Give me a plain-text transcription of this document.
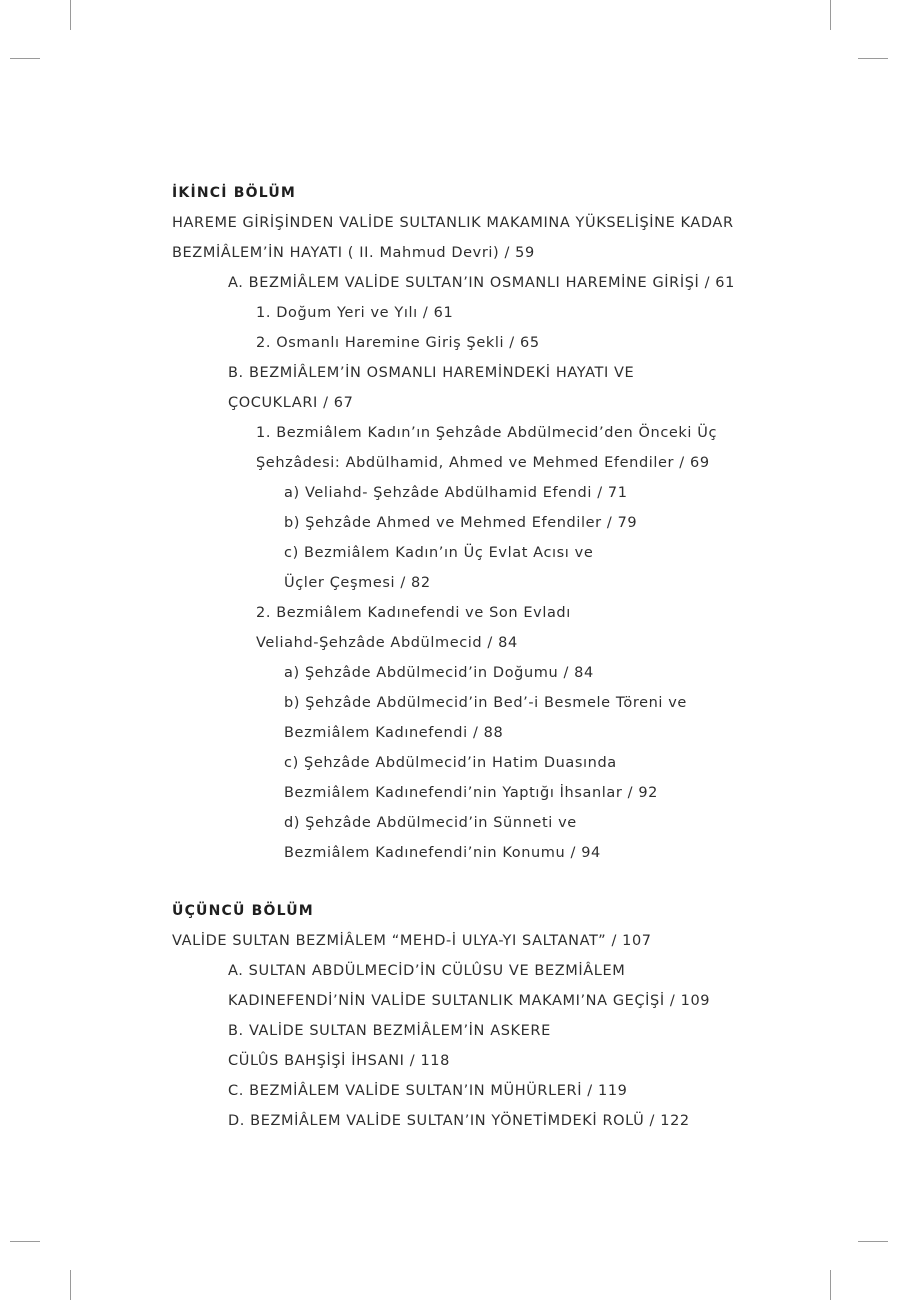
İKİNCİ BÖLÜM
HAREME GİRİŞİNDEN VALİDE SULTANLIK MAKAMINA YÜKSELİŞİNE KADAR
BEZMİÂLEM’İN HAYATI ( II. Mahmud Devri) / 59
A. BEZMİÂLEM VALİDE SULTAN’IN OSMANLI HAREMİNE GİRİŞİ / 61
1. Doğum Yeri ve Yılı / 61
2. Osmanlı Haremine Giriş Şekli / 65
B. BEZMİÂLEM’İN OSMANLI HAREMİNDEKİ HAYATI VE
ÇOCUKLARI / 67
1. Bezmiâlem Kadın’ın Şehzâde Abdülmecid’den Önceki Üç
Şehzâdesi: Abdülhamid, Ahmed ve Mehmed Efendiler / 69
a) Veliahd- Şehzâde Abdülhamid Efendi / 71
b) Şehzâde Ahmed ve Mehmed Efendiler / 79
c) Bezmiâlem Kadın’ın Üç Evlat Acısı ve
Üçler Çeşmesi / 82
2. Bezmiâlem Kadınefendi ve Son Evladı
Veliahd-Şehzâde Abdülmecid / 84
a) Şehzâde Abdülmecid’in Doğumu / 84
b) Şehzâde Abdülmecid’in Bed’-i Besmele Töreni ve
Bezmiâlem Kadınefendi / 88
c) Şehzâde Abdülmecid’in Hatim Duasında
Bezmiâlem Kadınefendi’nin Yaptığı İhsanlar / 92
d) Şehzâde Abdülmecid’in Sünneti ve
Bezmiâlem Kadınefendi’nin Konumu / 94
ÜÇÜNCÜ BÖLÜM
VALİDE SULTAN BEZMİÂLEM “MEHD-İ ULYA-YI SALTANAT” / 107
A. SULTAN ABDÜLMECİD’İN CÜLÛSU VE BEZMİÂLEM
KADINEFENDİ’NİN VALİDE SULTANLIK MAKAMI’NA GEÇİŞİ / 109
B. VALİDE SULTAN BEZMİÂLEM’İN ASKERE
CÜLÛS BAHŞİŞİ İHSANI / 118
C. BEZMİÂLEM VALİDE SULTAN’IN MÜHÜRLERİ / 119
D. BEZMİÂLEM VALİDE SULTAN’IN YÖNETİMDEKİ ROLÜ / 122
